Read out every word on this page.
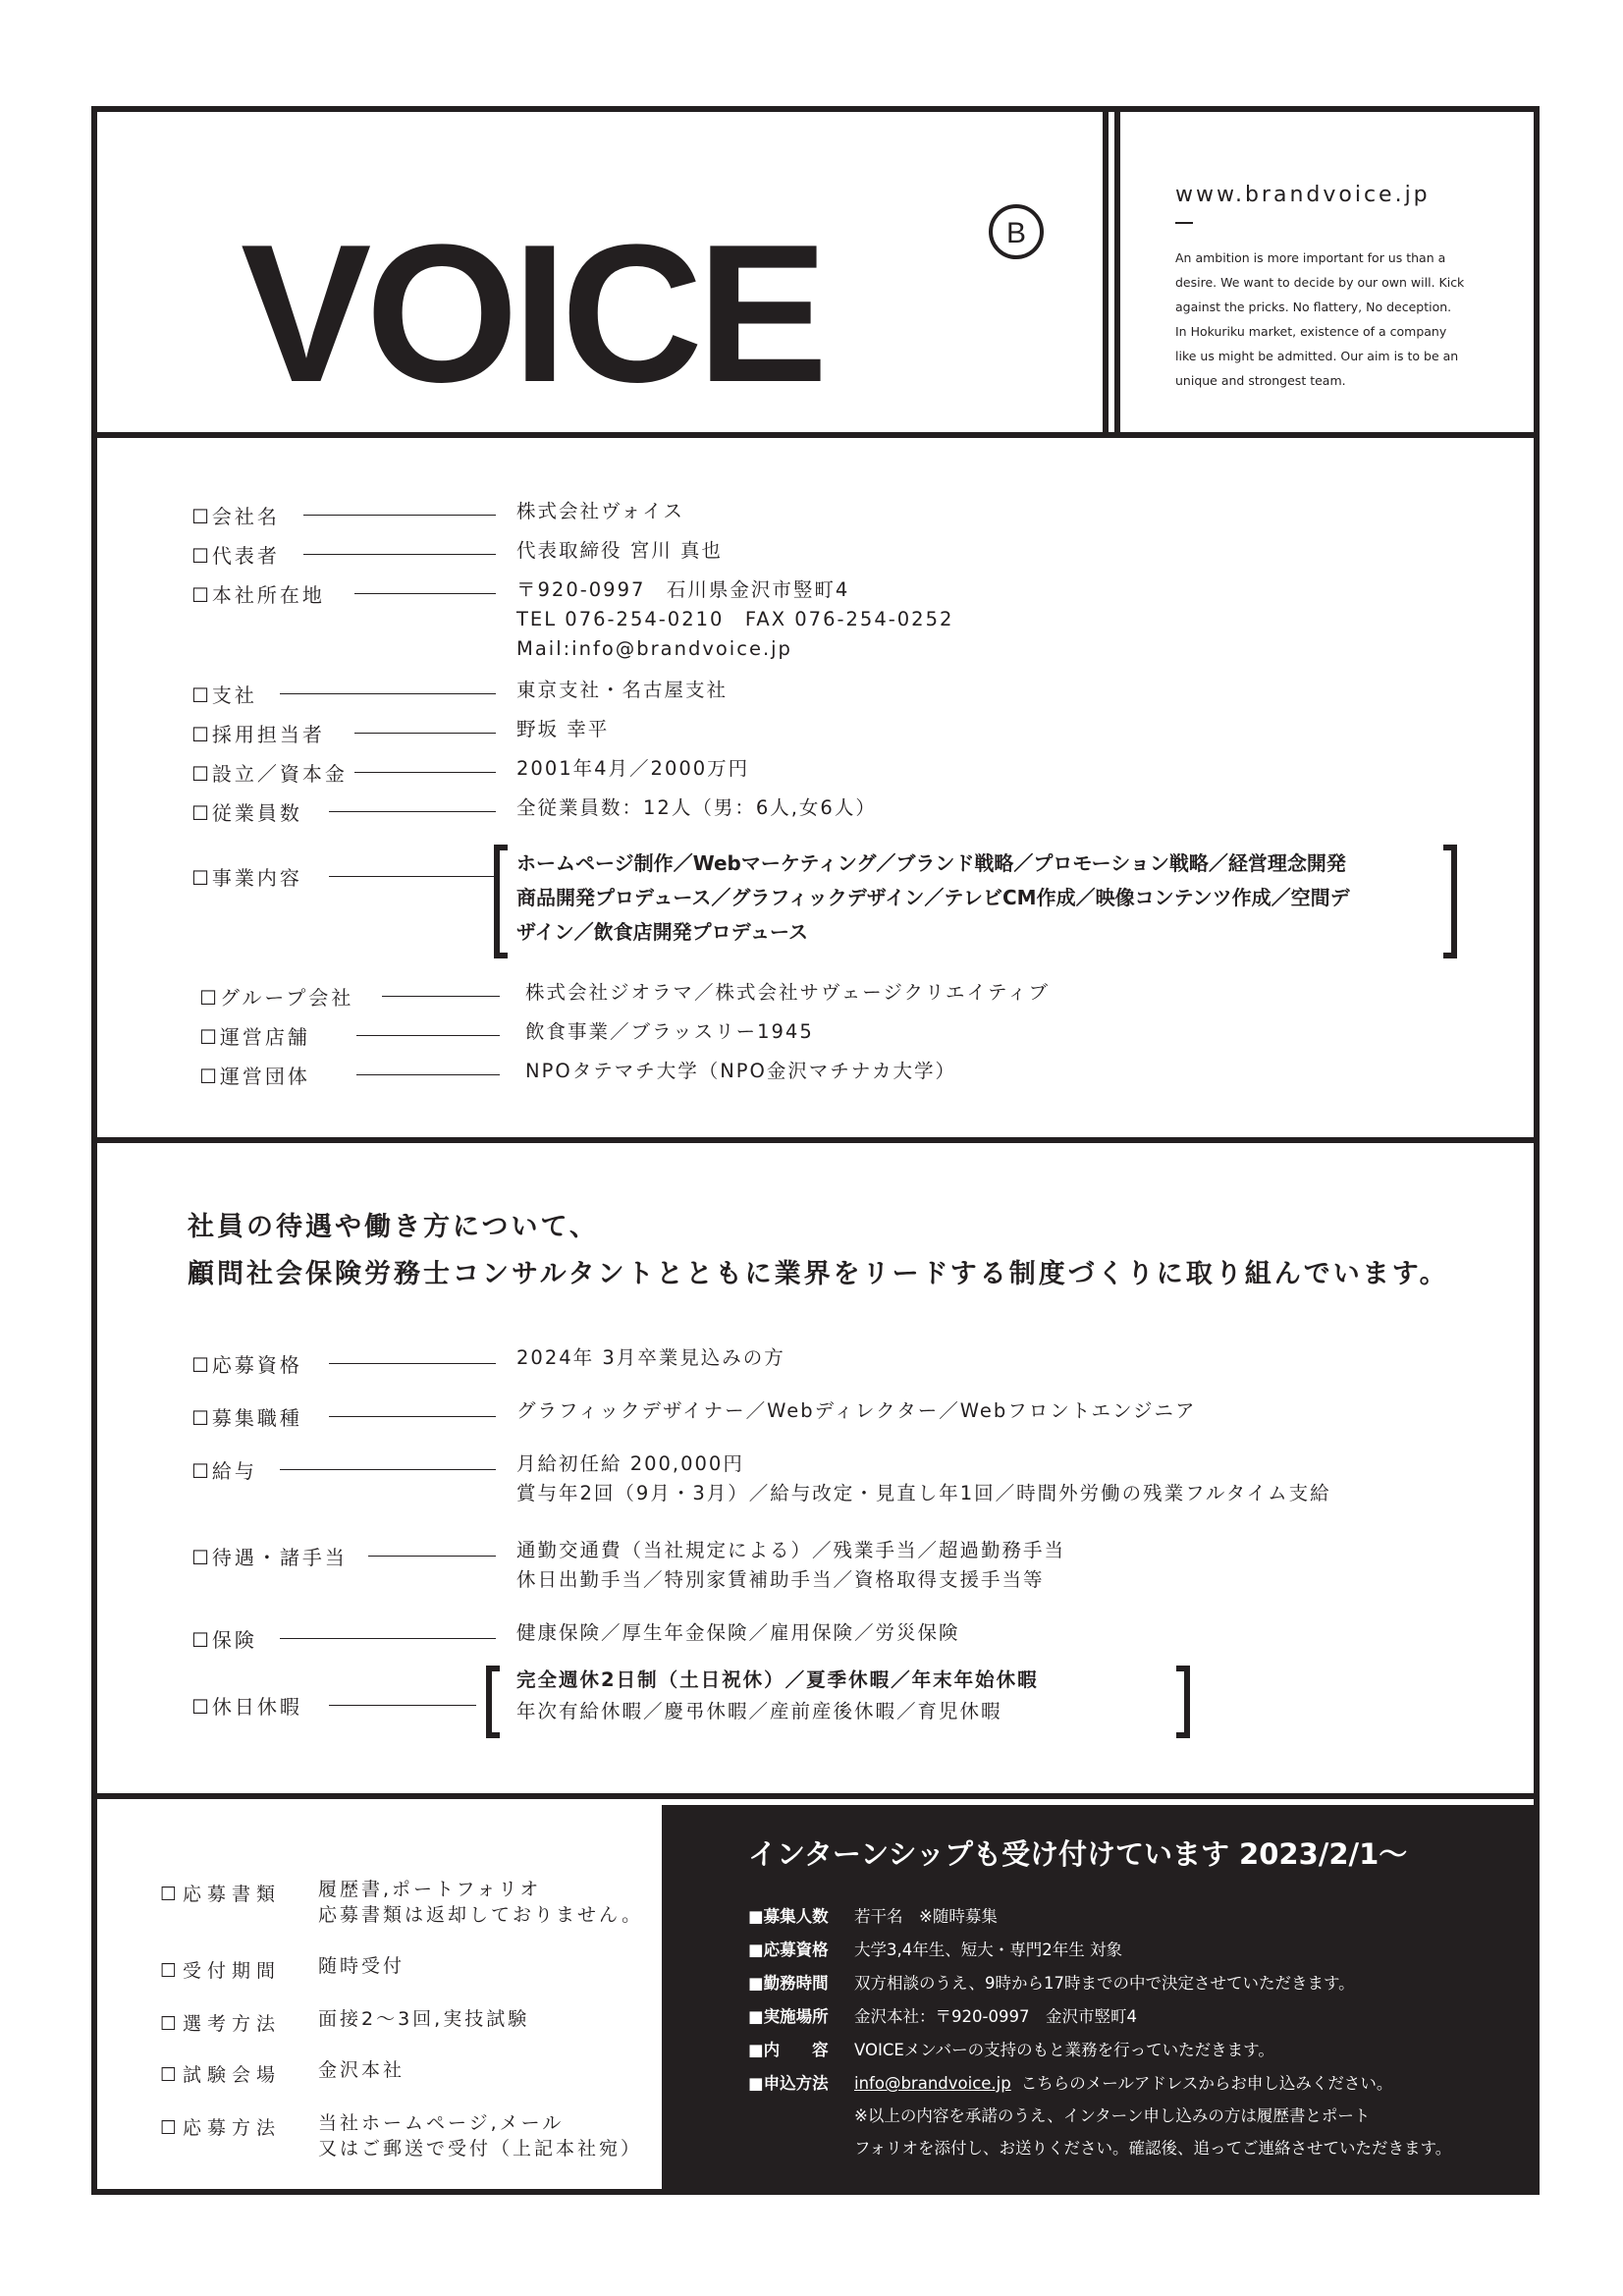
VOICE	B
www.brandvoice.jp
An ambition is more important for us than a
desire. We want to decide by our own will. Kick
against the pricks. No flattery, No deception.
In Hokuriku market, existence of a company
like us might be admitted. Our aim is to be an
unique and strongest team.
☐会社名	株式会社ヴォイス
☐代表者	代表取締役 宮川 真也
☐本社所在地	〒920-0997　石川県金沢市竪町4
TEL 076-254-0210　FAX 076-254-0252
Mail:info@brandvoice.jp
☐支社	東京支社・名古屋支社
☐採用担当者	野坂 幸平
☐設立／資本金	2001年4月／2000万円
☐従業員数	全従業員数：12人（男：6人,女6人）
☐事業内容
ホームページ制作／Webマーケティング／ブランド戦略／プロモーション戦略／経営理念開発
商品開発プロデュース／グラフィックデザイン／テレビCM作成／映像コンテンツ作成／空間デ
ザイン／飲食店開発プロデュース
☐グループ会社	株式会社ジオラマ／株式会社サヴェージクリエイティブ
☐運営店舗	飲食事業／ブラッスリー1945
☐運営団体	NPOタテマチ大学（NPO金沢マチナカ大学）
社員の待遇や働き方について、
顧問社会保険労務士コンサルタントとともに業界をリードする制度づくりに取り組んでいます。
☐応募資格	2024年 3月卒業見込みの方
☐募集職種	グラフィックデザイナー／Webディレクター／Webフロントエンジニア
☐給与	月給初任給 200,000円
賞与年2回（9月・3月）／給与改定・見直し年1回／時間外労働の残業フルタイム支給
☐待遇・諸手当	通勤交通費（当社規定による）／残業手当／超過勤務手当
休日出勤手当／特別家賃補助手当／資格取得支援手当等
☐保険	健康保険／厚生年金保険／雇用保険／労災保険
☐休日休暇
完全週休2日制（土日祝休）／夏季休暇／年末年始休暇
年次有給休暇／慶弔休暇／産前産後休暇／育児休暇
☐応募書類 履歴書,ポートフォリオ
応募書類は返却しておりません。
☐受付期間 随時受付
☐選考方法 面接2〜3回,実技試験
☐試験会場 金沢本社
☐応募方法 当社ホームページ,メール
又はご郵送で受付（上記本社宛）
インターンシップも受け付けています 2023/2/1〜
■募集人数 若干名　※随時募集
■応募資格 大学3,4年生、短大・専門2年生 対象
■勤務時間 双方相談のうえ、9時から17時までの中で決定させていただきます。
■実施場所 金沢本社：〒920-0997　金沢市竪町4
■内　　容 VOICEメンバーの支持のもと業務を行っていただきます。
■申込方法 info@brandvoice.jp こちらのメールアドレスからお申し込みください。
※以上の内容を承諾のうえ、インターン申し込みの方は履歴書とポート
フォリオを添付し、お送りください。確認後、追ってご連絡させていただきます。
